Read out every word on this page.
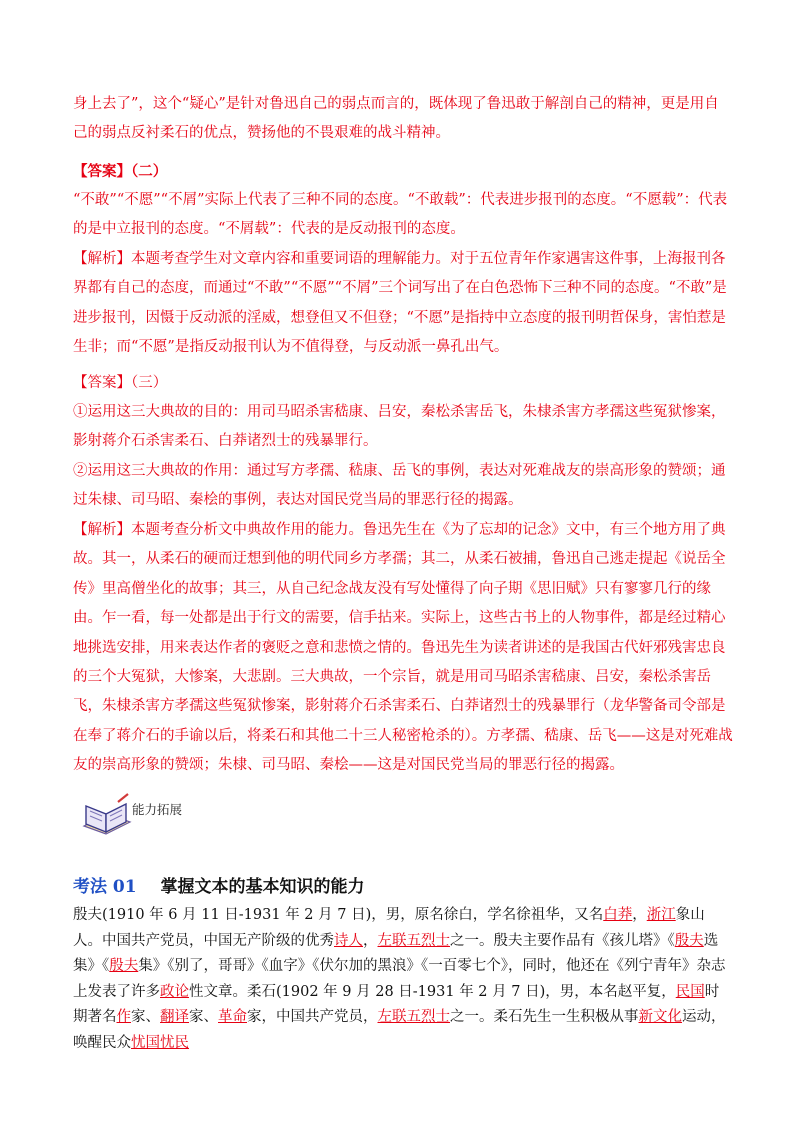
身上去了”，这个“疑心”是针对鲁迅自己的弱点而言的，既体现了鲁迅敢于解剖自己的精神，更是用自己的弱点反衬柔石的优点，赞扬他的不畏艰难的战斗精神。

【答案】（二）

“不敢”“不愿”“不屑”实际上代表了三种不同的态度。“不敢载”：代表进步报刊的态度。“不愿载”：代表的是中立报刊的态度。“不屑载”：代表的是反动报刊的态度。

【解析】本题考查学生对文章内容和重要词语的理解能力。对于五位青年作家遇害这件事，上海报刊各界都有自己的态度，而通过“不敢”“不愿”“不屑”三个词写出了在白色恐怖下三种不同的态度。“不敢”是进步报刊，因慑于反动派的淫威，想登但又不但登；“不愿”是指持中立态度的报刊明哲保身，害怕惹是生非；而“不愿”是指反动报刊认为不值得登，与反动派一鼻孔出气。

【答案】（三）

①运用这三大典故的目的：用司马昭杀害嵇康、吕安，秦松杀害岳飞，朱棣杀害方孝孺这些冤狱惨案，影射蒋介石杀害柔石、白莽诸烈士的残暴罪行。

②运用这三大典故的作用：通过写方孝孺、嵇康、岳飞的事例，表达对死难战友的崇高形象的赞颂；通过朱棣、司马昭、秦桧的事例，表达对国民党当局的罪恶行径的揭露。

【解析】本题考查分析文中典故作用的能力。鲁迅先生在《为了忘却的记念》文中，有三个地方用了典故。其一，从柔石的硬而迂想到他的明代同乡方孝孺；其二，从柔石被捕，鲁迅自己逃走提起《说岳全传》里高僧坐化的故事；其三，从自己纪念战友没有写处懂得了向子期《思旧赋》只有寥寥几行的缘由。乍一看，每一处都是出于行文的需要，信手拈来。实际上，这些古书上的人物事件，都是经过精心地挑选安排，用来表达作者的褒贬之意和悲愤之情的。鲁迅先生为读者讲述的是我国古代奸邪残害忠良的三个大冤狱，大惨案，大悲剧。三大典故，一个宗旨，就是用司马昭杀害嵇康、吕安，秦松杀害岳飞，朱棣杀害方孝孺这些冤狱惨案，影射蒋介石杀害柔石、白莽诸烈士的残暴罪行（龙华警备司令部是在奉了蒋介石的手谕以后，将柔石和其他二十三人秘密枪杀的）。方孝孺、嵇康、岳飞——这是对死难战友的崇高形象的赞颂；朱棣、司马昭、秦桧——这是对国民党当局的罪恶行径的揭露。

能力拓展
考法 01 掌握文本的基本知识的能力

殷夫(1910 年 6 月 11 日-1931 年 2 月 7 日)，男，原名徐白，学名徐祖华，又名白莽，浙江象山人。中国共产党员，中国无产阶级的优秀诗人，左联五烈士之一。殷夫主要作品有《孩儿塔》《殷夫选集》《殷夫集》《别了，哥哥》《血字》《伏尔加的黑浪》《一百零七个》，同时，他还在《列宁青年》杂志上发表了许多政论性文章。柔石(1902 年 9 月 28 日-1931 年 2 月 7 日)，男，本名赵平复，民国时期著名作家、翻译家、革命家，中国共产党员，左联五烈士之一。柔石先生一生积极从事新文化运动，唤醒民众忧国忧民
